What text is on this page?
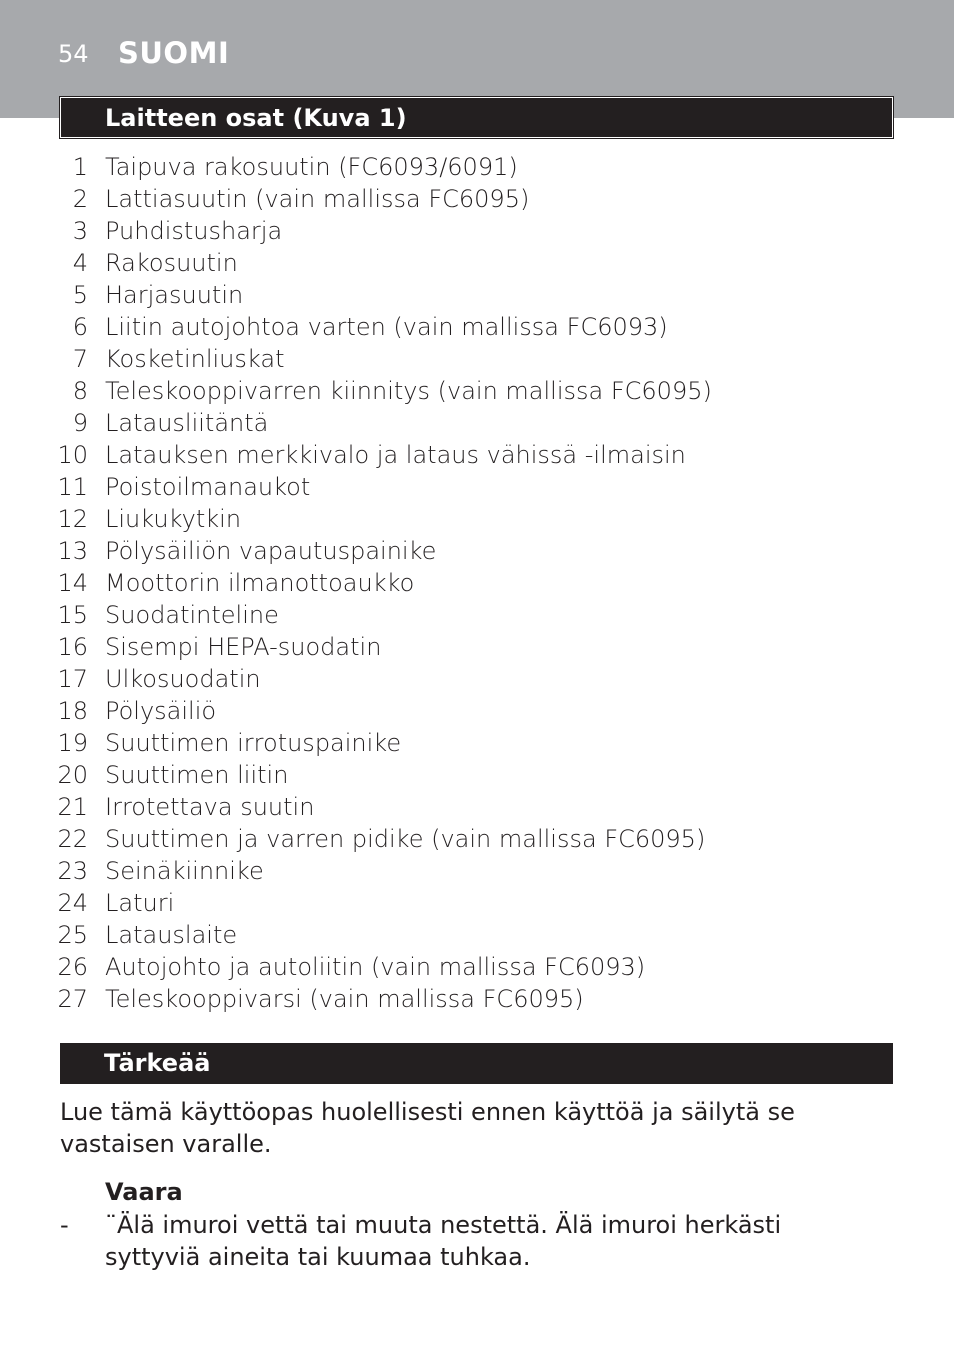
54 SUOMI
Laitteen osat (Kuva 1)
1 Taipuva rakosuutin (FC6093/6091)
2 Lattiasuutin (vain mallissa FC6095)
3 Puhdistusharja
4 Rakosuutin
5 Harjasuutin
6 Liitin autojohtoa varten (vain mallissa FC6093)
7 Kosketinliuskat
8 Teleskooppivarren kiinnitys (vain mallissa FC6095)
9 Latausliitäntä
10 Latauksen merkkivalo ja lataus vähissä -ilmaisin
11 Poistoilmanaukot
12 Liukukytkin
13 Pölysäiliön vapautuspainike
14 Moottorin ilmanottoaukko
15 Suodatinteline
16 Sisempi HEPA-suodatin
17 Ulkosuodatin
18 Pölysäiliö
19 Suuttimen irrotuspainike
20 Suuttimen liitin
21 Irrotettava suutin
22 Suuttimen ja varren pidike (vain mallissa FC6095)
23 Seinäkiinnike
24 Laturi
25 Latauslaite
26 Autojohto ja autoliitin (vain mallissa FC6093)
27 Teleskooppivarsi (vain mallissa FC6095)
Tärkeää

Lue tämä käyttöopas huolellisesti ennen käyttöä ja säilytä se vastaisen varalle.

Vaara

- ¨Älä imuroi vettä tai muuta nestettä. Älä imuroi herkästi syttyviä aineita tai kuumaa tuhkaa.
